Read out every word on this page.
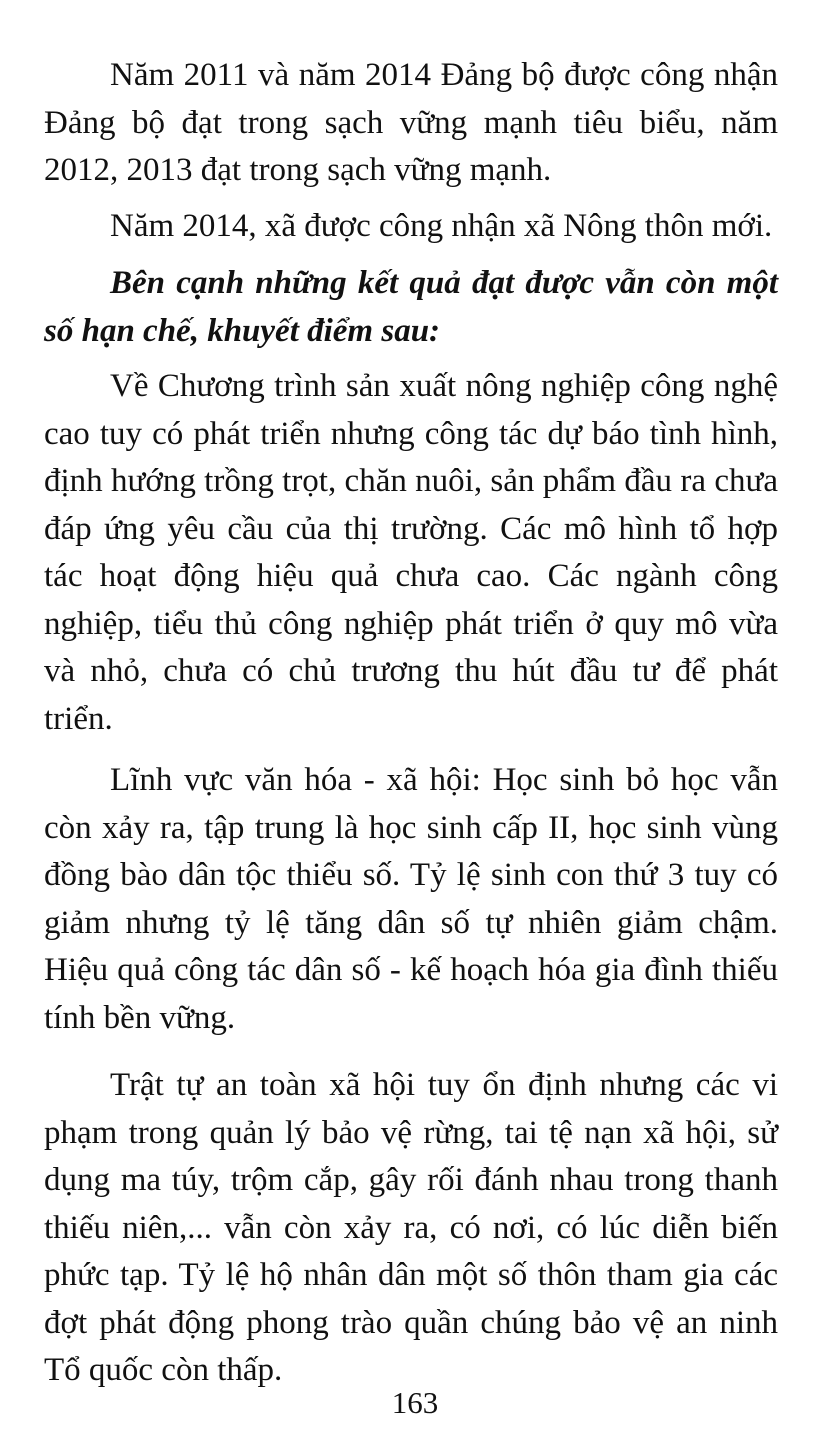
Năm 2011 và năm 2014 Đảng bộ được công nhận Đảng bộ đạt trong sạch vững mạnh tiêu biểu, năm 2012, 2013 đạt trong sạch vững mạnh.

Năm 2014, xã được công nhận xã Nông thôn mới.

Bên cạnh những kết quả đạt được vẫn còn một số hạn chế, khuyết điểm sau:

Về Chương trình sản xuất nông nghiệp công nghệ cao tuy có phát triển nhưng công tác dự báo tình hình, định hướng trồng trọt, chăn nuôi, sản phẩm đầu ra chưa đáp ứng yêu cầu của thị trường. Các mô hình tổ hợp tác hoạt động hiệu quả chưa cao. Các ngành công nghiệp, tiểu thủ công nghiệp phát triển ở quy mô vừa và nhỏ, chưa có chủ trương thu hút đầu tư để phát triển.

Lĩnh vực văn hóa - xã hội: Học sinh bỏ học vẫn còn xảy ra, tập trung là học sinh cấp II, học sinh vùng đồng bào dân tộc thiểu số. Tỷ lệ sinh con thứ 3 tuy có giảm nhưng tỷ lệ tăng dân số tự nhiên giảm chậm. Hiệu quả công tác dân số - kế hoạch hóa gia đình thiếu tính bền vững.

Trật tự an toàn xã hội tuy ổn định nhưng các vi phạm trong quản lý bảo vệ rừng, tai tệ nạn xã hội, sử dụng ma túy, trộm cắp, gây rối đánh nhau trong thanh thiếu niên,... vẫn còn xảy ra, có nơi, có lúc diễn biến phức tạp. Tỷ lệ hộ nhân dân một số thôn tham gia các đợt phát động phong trào quần chúng bảo vệ an ninh Tổ quốc còn thấp.

163
